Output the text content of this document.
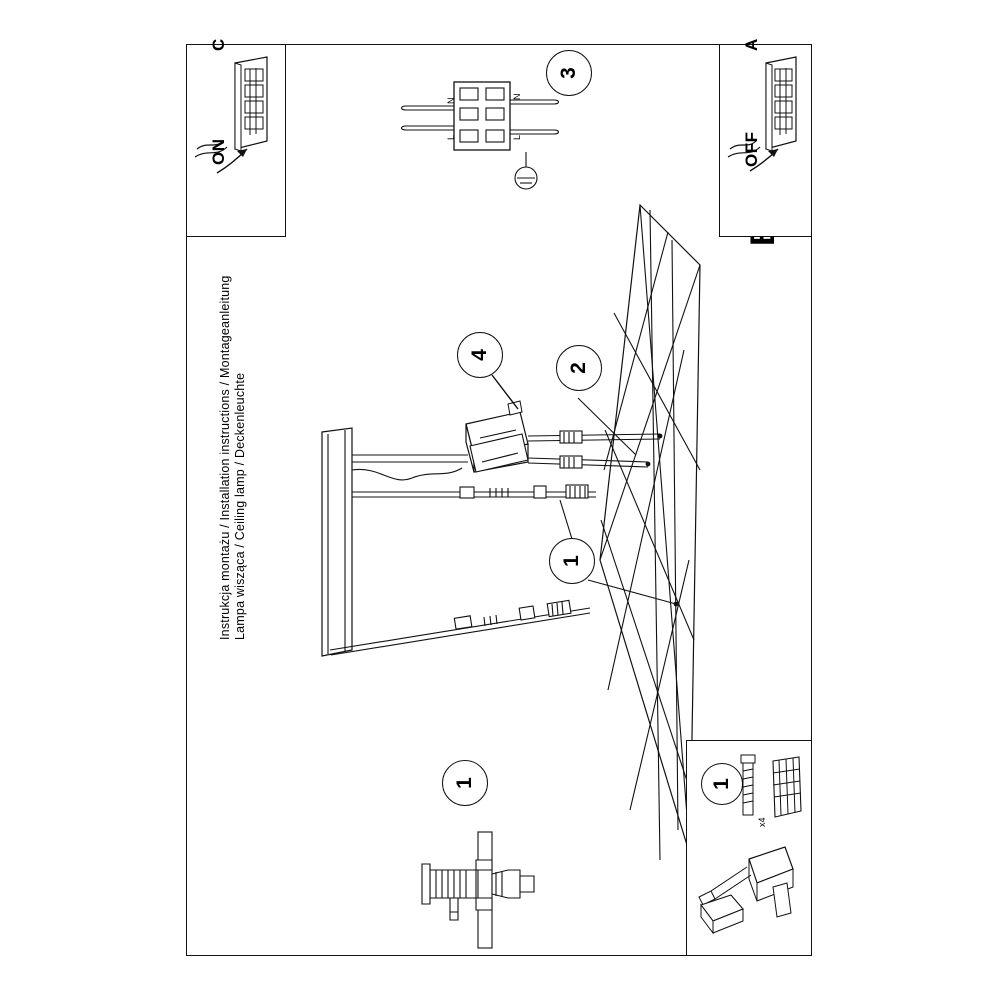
4
2
1
1
N
L
N
L
3
A
OFF
C
ON
1
x4
Instrukcja montażu / Installation instructions / Montageanleitung Lampa wisząca / Ceiling lamp / Deckenleuchte
